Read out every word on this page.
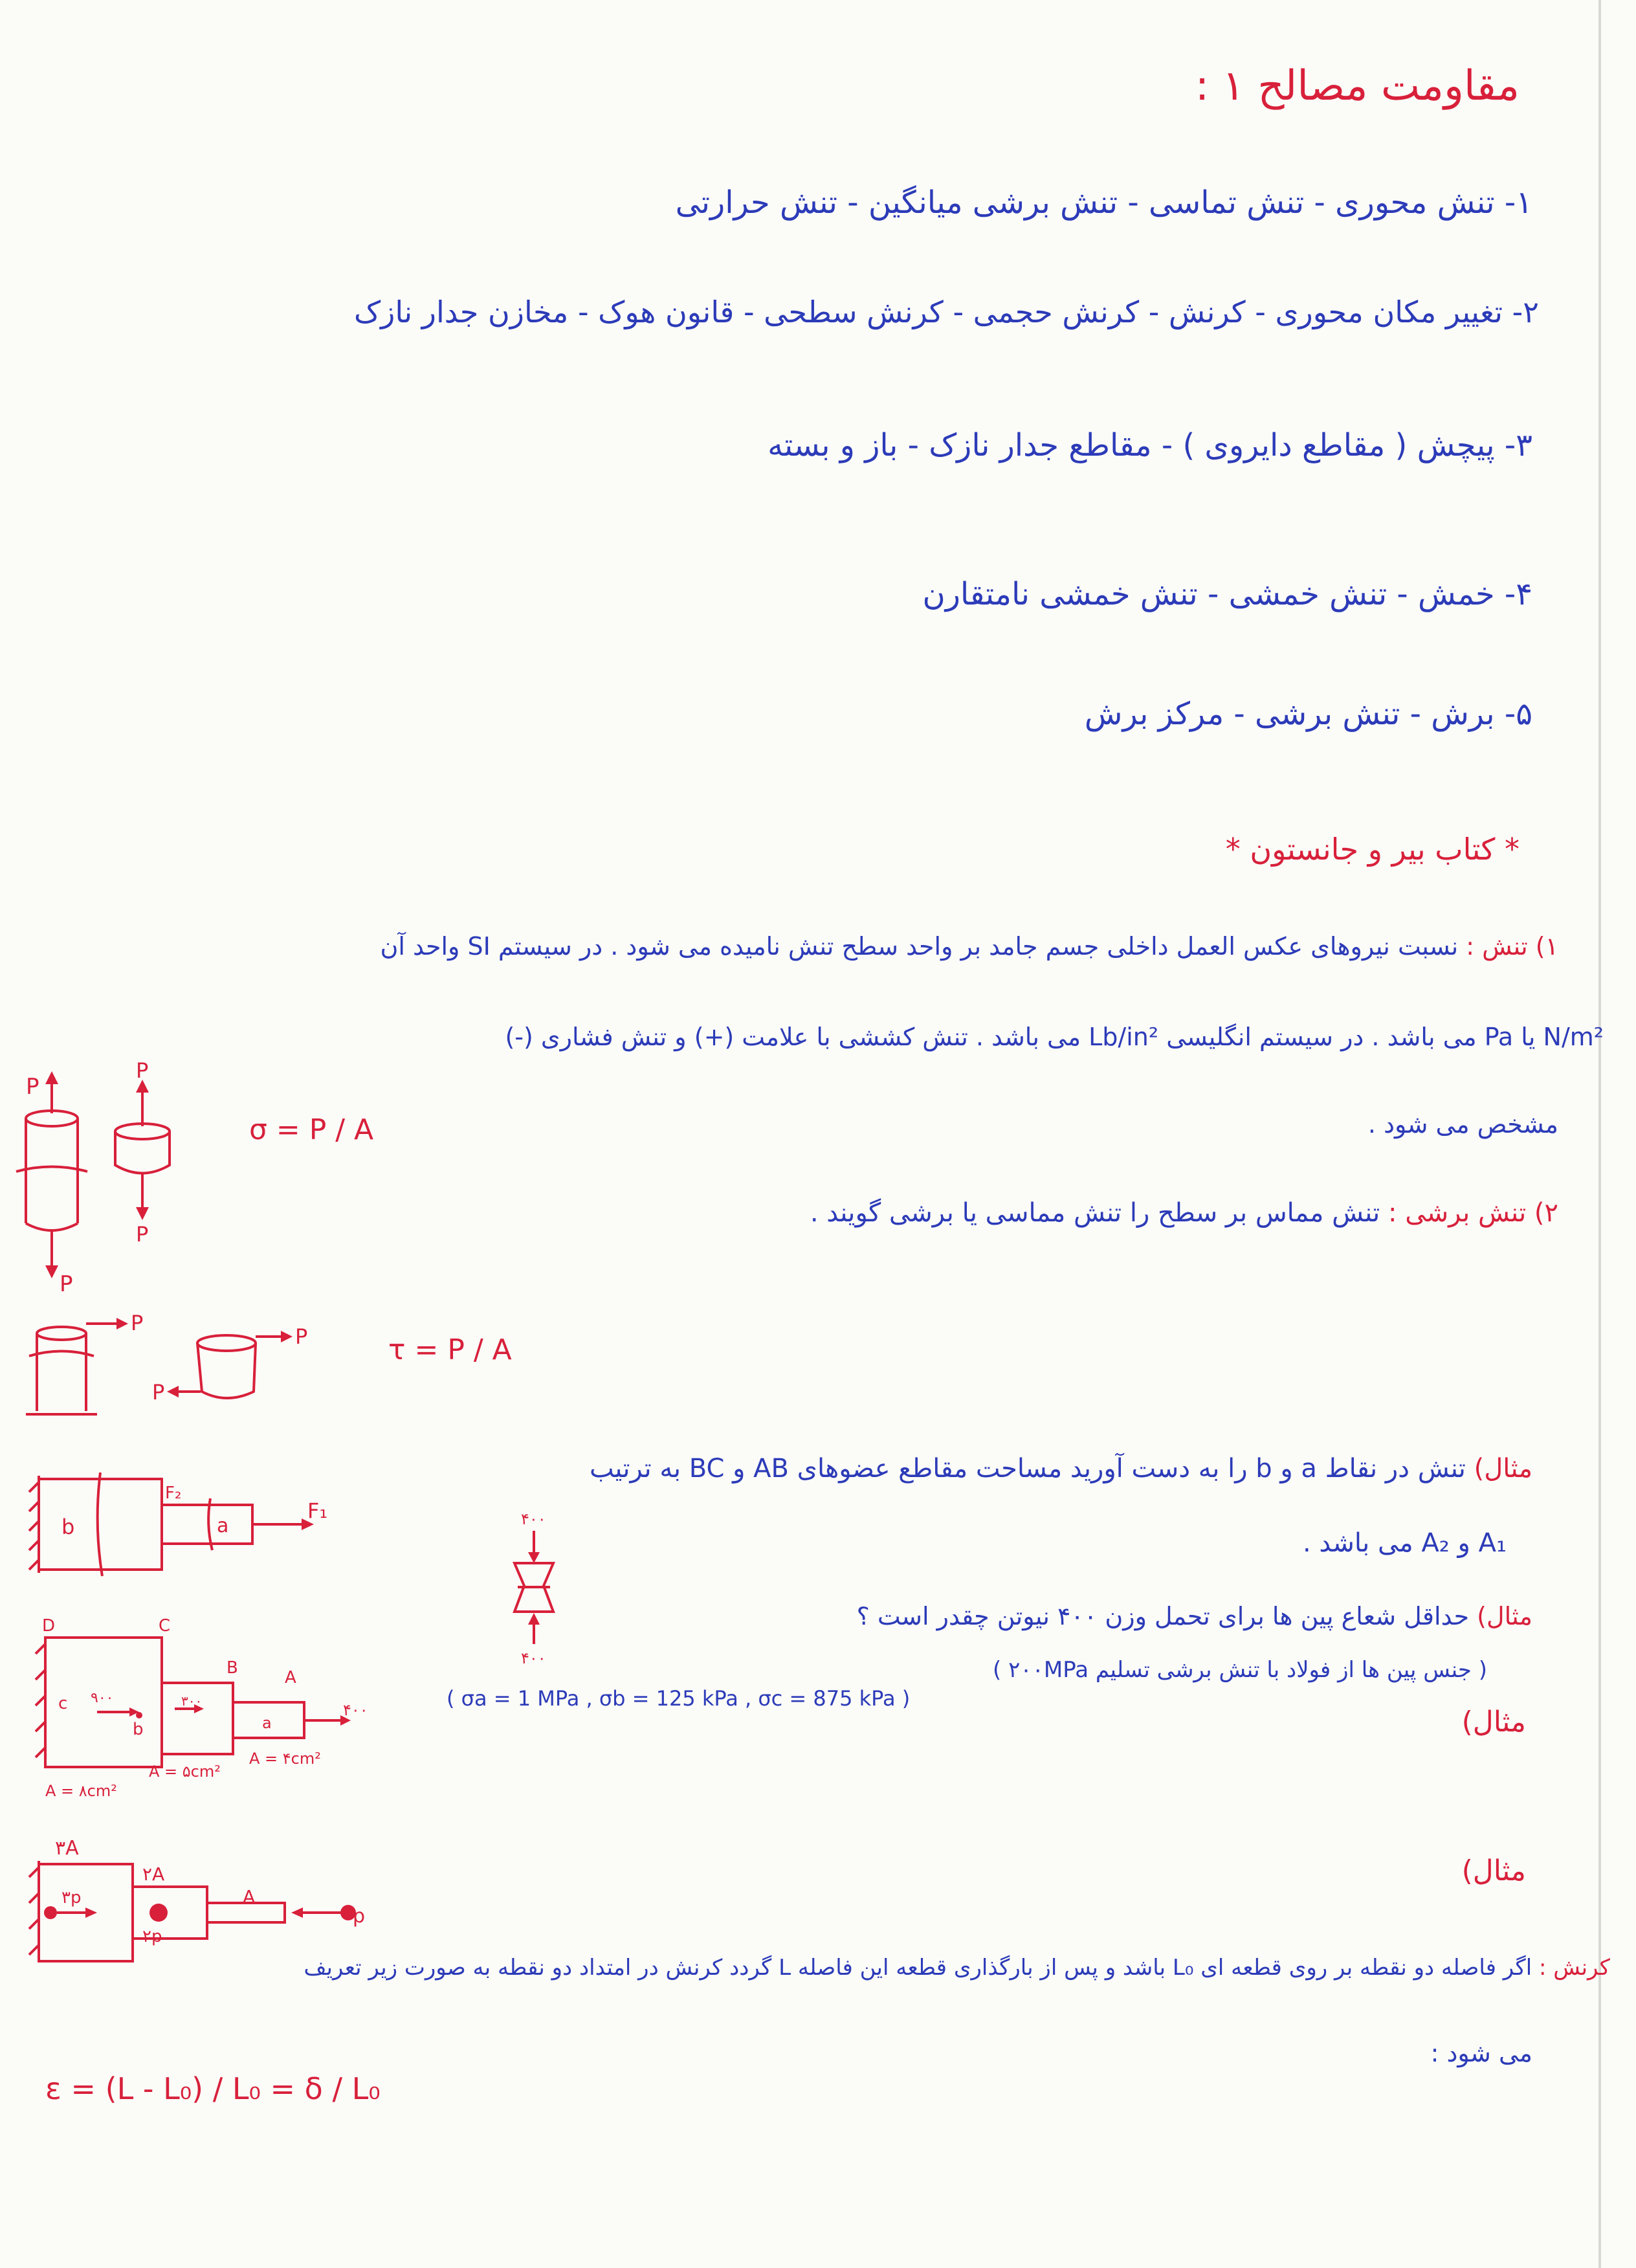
مقاومت مصالح ۱ :
۱- تنش محوری - تنش تماسی - تنش برشی میانگین - تنش حرارتی
۲- تغییر مکان محوری - کرنش - کرنش حجمی - کرنش سطحی - قانون هوک - مخازن جدار نازک
۳- پیچش ( مقاطع دایروی ) - مقاطع جدار نازک - باز و بسته
۴- خمش - تنش خمشی - تنش خمشی نامتقارن
۵- برش - تنش برشی - مرکز برش
* کتاب بیر و جانستون *
۱) تنش : نسبت نیروهای عکس العمل داخلی جسم جامد بر واحد سطح تنش نامیده می شود . در سیستم SI واحد آن
N/m² یا Pa می باشد . در سیستم انگلیسی Lb/in² می باشد . تنش کششی با علامت (+) و تنش فشاری (-)
مشخص می شود .
σ = P / A
P
P
P
P
۲) تنش برشی : تنش مماس بر سطح را تنش مماسی یا برشی گویند .
τ = P / A
P
P
P
مثال) تنش در نقاط a و b را به دست آورید مساحت مقاطع عضوهای AB و BC به ترتیب
A₁ و A₂ می باشد .
b	a
F₁
F₂
مثال) حداقل شعاع پین ها برای تحمل وزن ۴۰۰ نیوتن چقدر است ؟
( جنس پین ها از فولاد با تنش برشی تسلیم ۲۰۰MPa )
( σa = 1 MPa , σb = 125 kPa , σc = 875 kPa )
۴۰۰
۴۰۰
مثال)
D	C
B	A
c
b	a
۹۰۰	۳۰۰	۴۰۰
A = ۸cm²
A = ۵cm²
A = ۴cm²
مثال)
۳A
۲A
A
۳p
۲p
p
کرنش : اگر فاصله دو نقطه بر روی قطعه ای L₀ باشد و پس از بارگذاری قطعه این فاصله L گردد کرنش در امتداد دو نقطه به صورت زیر تعریف
می شود :
ε = (L - L₀) / L₀ = δ / L₀
